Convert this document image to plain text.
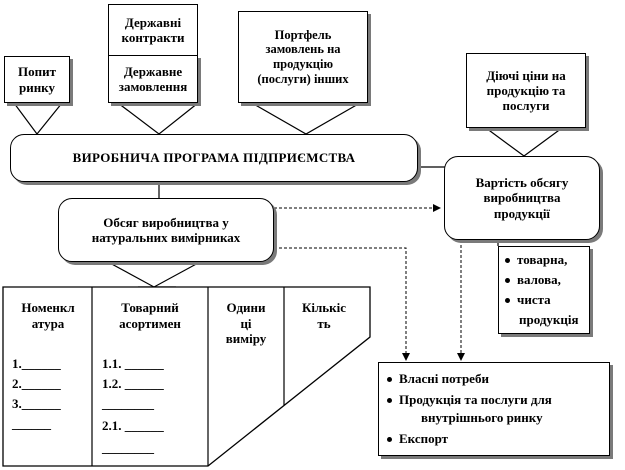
Попит
ринку
Державні
контракти
Державне
замовлення
Портфель
замовлень на
продукцію
(послуги) інших	Діючі ціни на
продукцію та
послуги
ВИРОБНИЧА ПРОГРАМА ПІДПРИЄМСТВА
Обсяг виробництва у
натуральних вимірниках
Вартість обсягу
виробництва
продукції
товарна,
валова,
чиста
продукція
Номенкл
атура
Товарний
асортимен
Одини
ці
виміру
Кількіс
ть
1.______
2.______
3.______
______
1.1. ______
1.2. ______
________
2.1. ______
________
Власні потреби
Продукція та послуги для
внутрішнього ринку
Експорт
